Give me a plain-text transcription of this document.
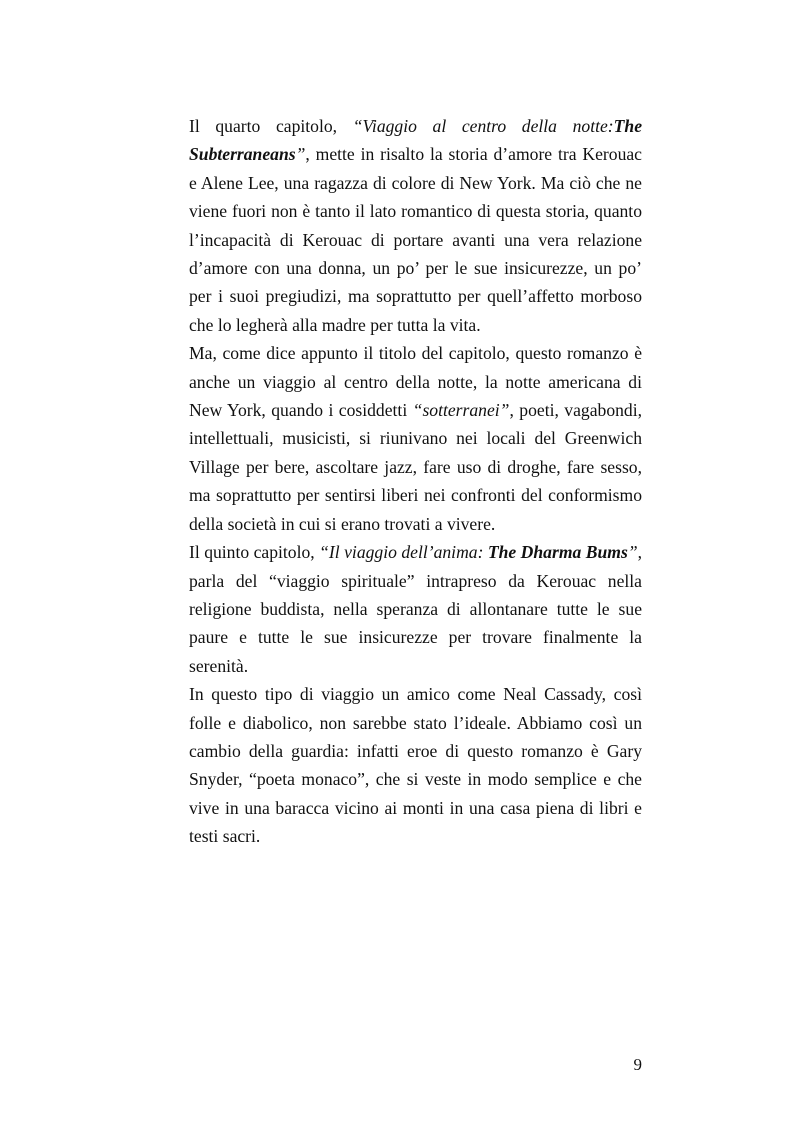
Il quarto capitolo, “Viaggio al centro della notte:The Subterraneans”, mette in risalto la storia d’amore tra Kerouac e Alene Lee, una ragazza di colore di New York. Ma ciò che ne viene fuori non è tanto il lato romantico di questa storia, quanto l’incapacità di Kerouac di portare avanti una vera relazione d’amore con una donna, un po’ per le sue insicurezze, un po’ per i suoi pregiudizi, ma soprattutto per quell’affetto morboso che lo legherà alla madre per tutta la vita.

Ma, come dice appunto il titolo del capitolo, questo romanzo è anche un viaggio al centro della notte, la notte americana di New York, quando i cosiddetti “sotterranei”, poeti, vagabondi, intellettuali, musicisti, si riunivano nei locali del Greenwich Village per bere, ascoltare jazz, fare uso di droghe, fare sesso, ma soprattutto per sentirsi liberi nei confronti del conformismo della società in cui si erano trovati a vivere.

Il quinto capitolo, “Il viaggio dell’anima: The Dharma Bums”, parla del “viaggio spirituale” intrapreso da Kerouac nella religione buddista, nella speranza di allontanare tutte le sue paure e tutte le sue insicurezze per trovare finalmente la serenità.

In questo tipo di viaggio un amico come Neal Cassady, così folle e diabolico, non sarebbe stato l’ideale. Abbiamo così un cambio della guardia: infatti eroe di questo romanzo è Gary Snyder, “poeta monaco”, che si veste in modo semplice e che vive in una baracca vicino ai monti in una casa piena di libri e testi sacri.

9
